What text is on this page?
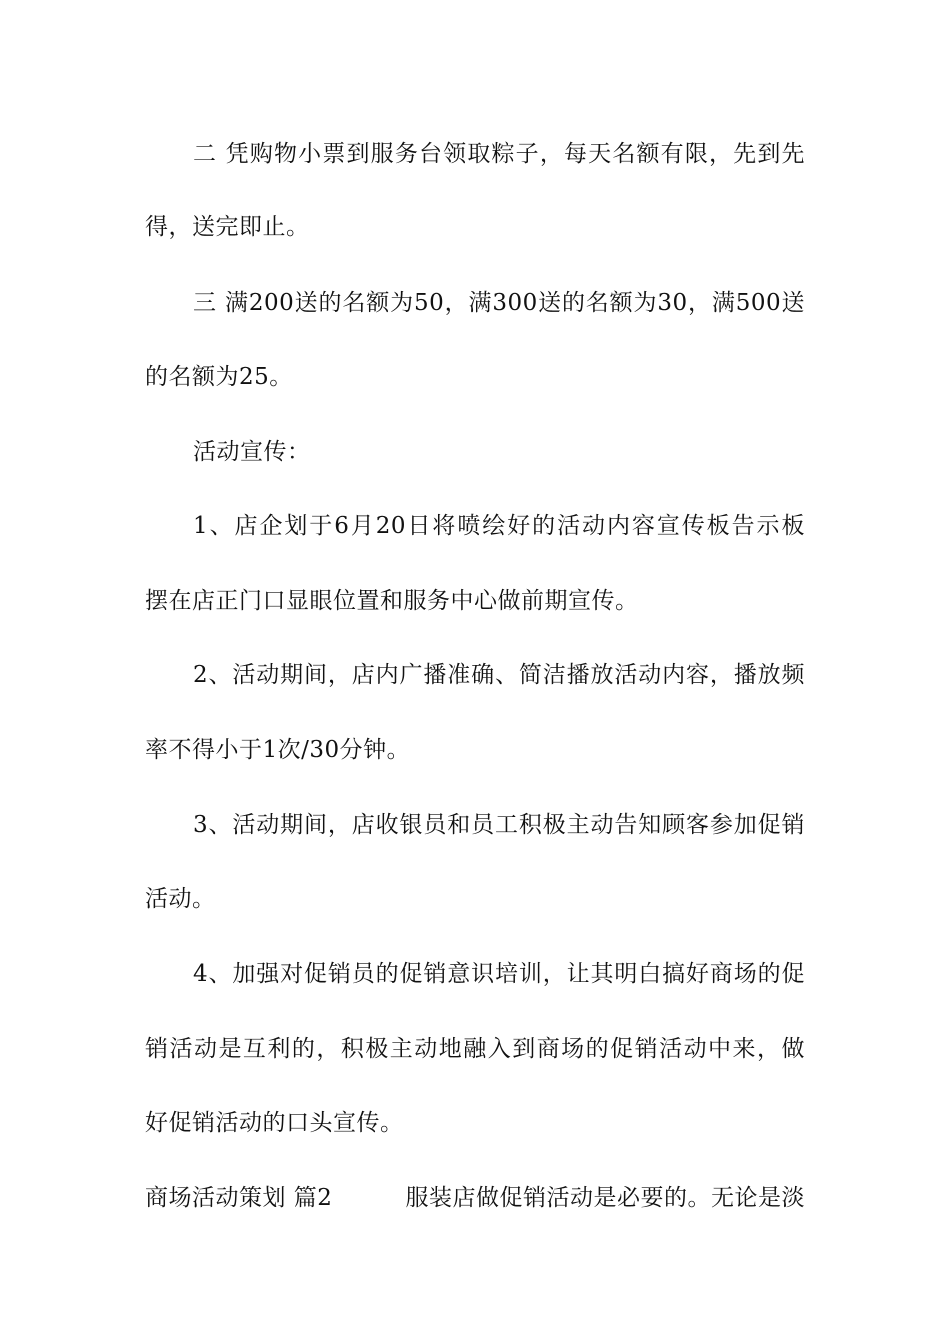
二 凭购物小票到服务台领取粽子，每天名额有限，先到先
得，送完即止。
三 满200送的名额为50，满300送的名额为30，满500送
的名额为25。
活动宣传：
1、店企划于6月20日将喷绘好的活动内容宣传板告示板
摆在店正门口显眼位置和服务中心做前期宣传。
2、活动期间，店内广播准确、简洁播放活动内容，播放频
率不得小于1次/30分钟。
3、活动期间，店收银员和员工积极主动告知顾客参加促销
活动。
4、加强对促销员的促销意识培训，让其明白搞好商场的促
销活动是互利的，积极主动地融入到商场的促销活动中来，做
好促销活动的口头宣传。
商场活动策划 篇2	服装店做促销活动是必要的。无论是淡
